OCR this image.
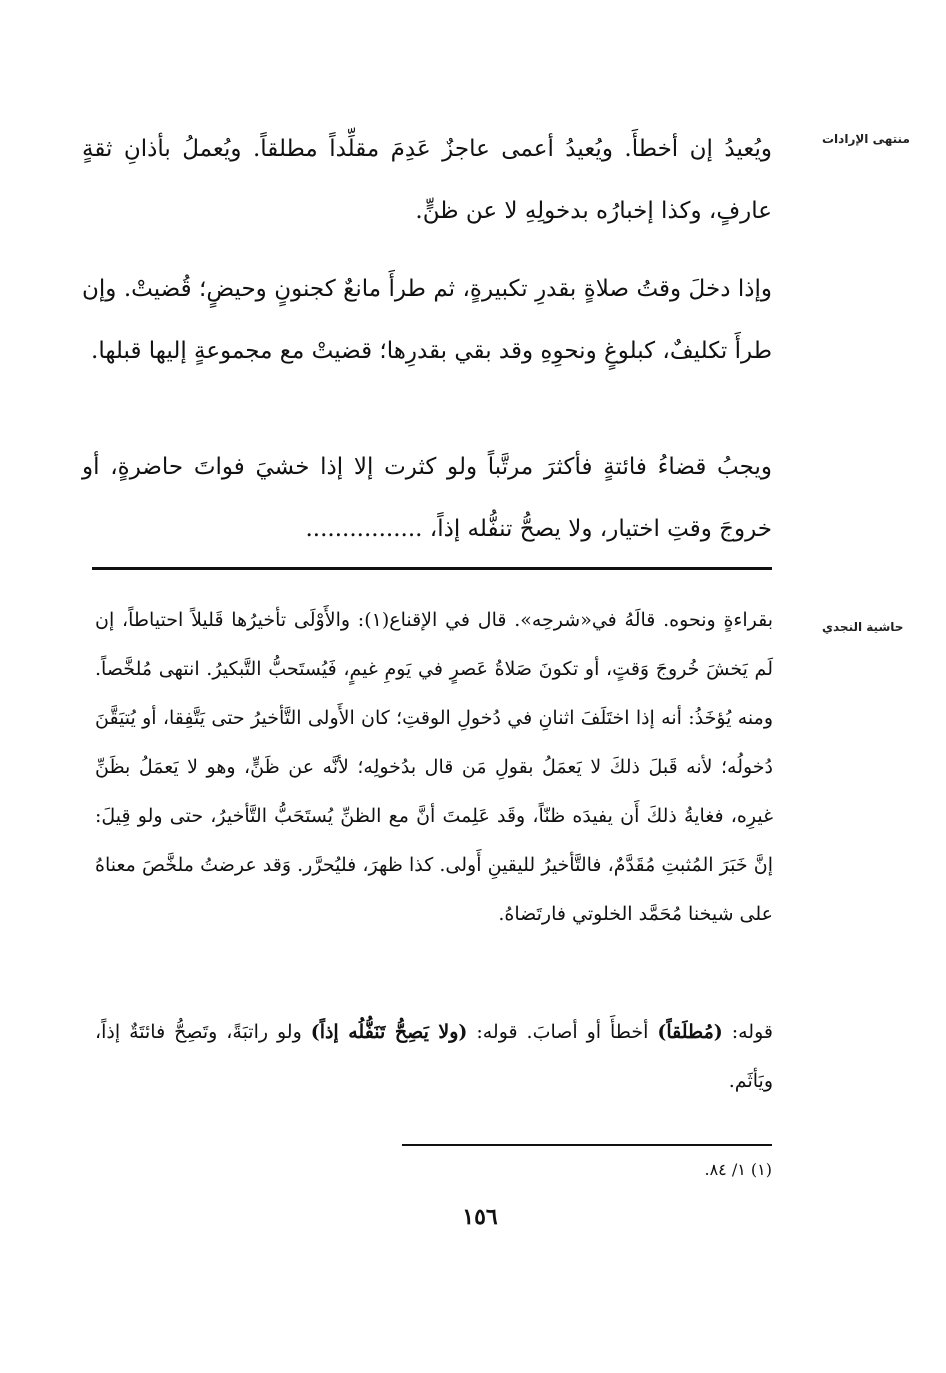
منتهى الإرادات
حاشية النجدي
ويُعيدُ إن أخطأَ. ويُعيدُ أعمى عاجزٌ عَدِمَ مقلِّداً مطلقاً. ويُعملُ بأذانِ ثقةٍ عارفٍ، وكذا إخبارُه بدخولِهِ لا عن ظنٍّ.
وإذا دخلَ وقتُ صلاةٍ بقدرِ تكبيرةٍ، ثم طرأَ مانعٌ كجنونٍ وحيضٍ؛ قُضيتْ. وإن طرأَ تكليفٌ، كبلوغٍ ونحوِهِ وقد بقي بقدرِها؛ قضيتْ مع مجموعةٍ إليها قبلها.
ويجبُ قضاءُ فائتةٍ فأكثرَ مرتَّباً ولو كثرت إلا إذا خشيَ فواتَ حاضرةٍ، أو خروجَ وقتِ اختيار، ولا يصحُّ تنفُّله إذاً، ................
بقراءةٍ ونحوه. قالَهُ في«شرحِه». قال في الإقناع(١): والأَوْلَى تأخيرُها قَليلاً احتياطاً، إن لَم يَخشَ خُروجَ وَقتٍ، أو تكونَ صَلاةُ عَصرٍ في يَومِ غيمٍ، فَيُستَحبُّ التَّبكيرُ. انتهى مُلخَّصاً. ومنه يُؤخَذُ: أنه إذا اختَلَفَ اثنانِ في دُخولِ الوقتِ؛ كان الأَولى التَّأخيرُ حتى يَتَّفِقا، أو يُتيَقَّنَ دُخولُه؛ لأنه قَبلَ ذلكَ لا يَعمَلُ بقولِ مَن قال بدُخولِه؛ لأنَّه عن ظَنٍّ، وهو لا يَعمَلُ بظَنِّ غيرِه، فغايةُ ذلكَ أَن يفيدَه ظنّاً، وقَد عَلِمتَ أنَّ مع الظنِّ يُستَحَبُّ التَّأخيرُ، حتى ولو قِيلَ: إنَّ خَبَرَ المُثبتِ مُقَدَّمٌ، فالتَّأخيرُ لليقينِ أَولى. كذا ظهرَ، فليُحرَّر. وَقد عرضتُ ملخَّصَ معناهُ على شيخنا مُحَمَّد الخلوتي فارتَضاهُ.
قوله: (مُطلَقاً) أخطأَ أو أصابَ. قوله: (ولا يَصِحُّ تَنَفُّلُه إذاً) ولو راتبَةً، وتَصِحُّ فائتَةٌ إذاً، ويَأثَم.
(١) ١/ ٨٤.
١٥٦
